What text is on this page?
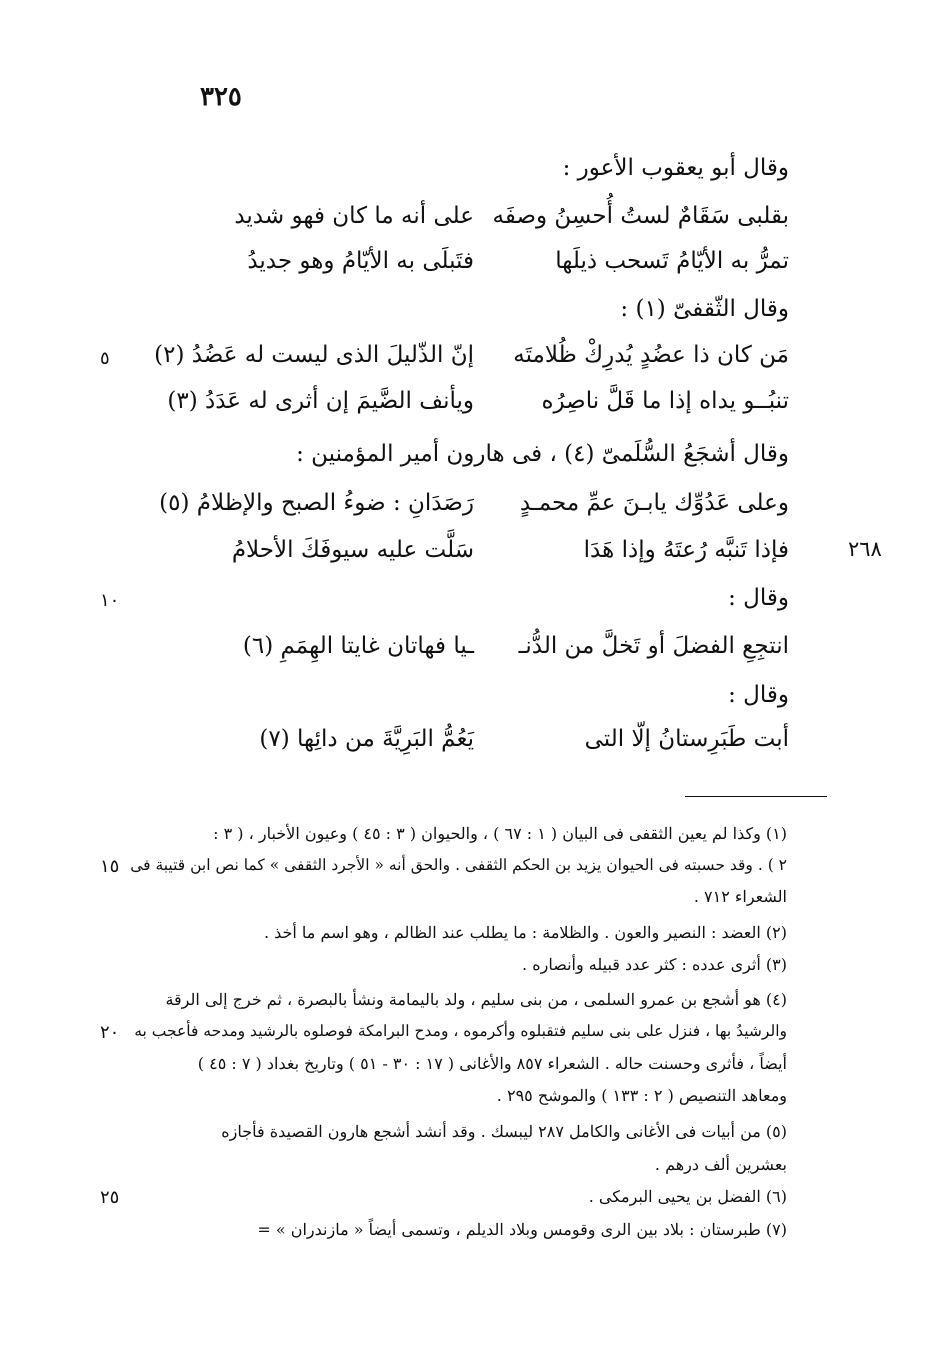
٣٢٥
وقال أبو يعقوب الأعور :
بقلبى سَقَامٌ لستُ أُحسِنُ وصفَه
على أنه ما كان فهو شديد
تمرُّ به الأيّامُ تَسحب ذيلَها
فتَبلَى به الأيّامُ وهو جديدُ
وقال الثّقفىّ (١) :
مَن كان ذا عضُدٍ يُدرِكْ ظُلامتَه
إنّ الذّليلَ الذى ليست له عَضُدُ (٢)
تنبُــو يداه إذا ما قَلَّ ناصِرُه
ويأنف الضَّيمَ إن أثرى له عَدَدُ (٣)
وقال أشجَعُ السُّلَمىّ (٤) ، فى هارون أمير المؤمنين :
وعلى عَدُوِّك يابـنَ عمِّ محمـدٍ
رَصَدَانِ : ضوءُ الصبح والإظلامُ (٥)
فإذا تَنبَّه رُعتَهُ وإذا هَدَا
سَلَّت عليه سيوفَكَ الأحلامُ
وقال :
انتجِعِ الفضلَ أو تَخلَّ من الدُّنـ
ـيا فهاتان غايتا الهِمَمِ (٦)
وقال :
أبت طَبَرِستانُ إلّا التى
يَعُمُّ البَرِيَّةَ من دائِها (٧)
٥
٢٦٨
١٠
١٥
٢٠
٢٥
(١) وكذا لم يعين الثقفى فى البيان ( ١ : ٦٧ ) ، والحيوان ( ٣ : ٤٥ ) وعيون الأخبار ، ( ٣ :
٢ ) . وقد حسبته فى الحيوان يزيد بن الحكم الثقفى . والحق أنه « الأجرد الثقفى » كما نص ابن قتيبة فى
الشعراء ٧١٢ .
(٢) العضد : النصير والعون . والظلامة : ما يطلب عند الظالم ، وهو اسم ما أخذ .
(٣) أثرى عدده : كثر عدد قبيله وأنصاره .
(٤) هو أشجع بن عمرو السلمى ، من بنى سليم ، ولد باليمامة ونشأ بالبصرة ، ثم خرج إلى الرقة
والرشيدُ بها ، فنزل على بنى سليم فتقبلوه وأكرموه ، ومدح البرامكة فوصلوه بالرشيد ومدحه فأعجب به
أيضاً ، فأثرى وحسنت حاله . الشعراء ٨٥٧ والأغانى ( ١٧ : ٣٠ - ٥١ ) وتاريخ بغداد ( ٧ : ٤٥ )
ومعاهد التنصيص ( ٢ : ١٣٣ ) والموشح ٢٩٥ .
(٥) من أبيات فى الأغانى والكامل ٢٨٧ ليبسك . وقد أنشد أشجع هارون القصيدة فأجازه
بعشرين ألف درهم .
(٦) الفضل بن يحيى البرمكى .
(٧) طبرستان : بلاد بين الرى وقومس وبلاد الديلم ، وتسمى أيضاً « مازندران » =
